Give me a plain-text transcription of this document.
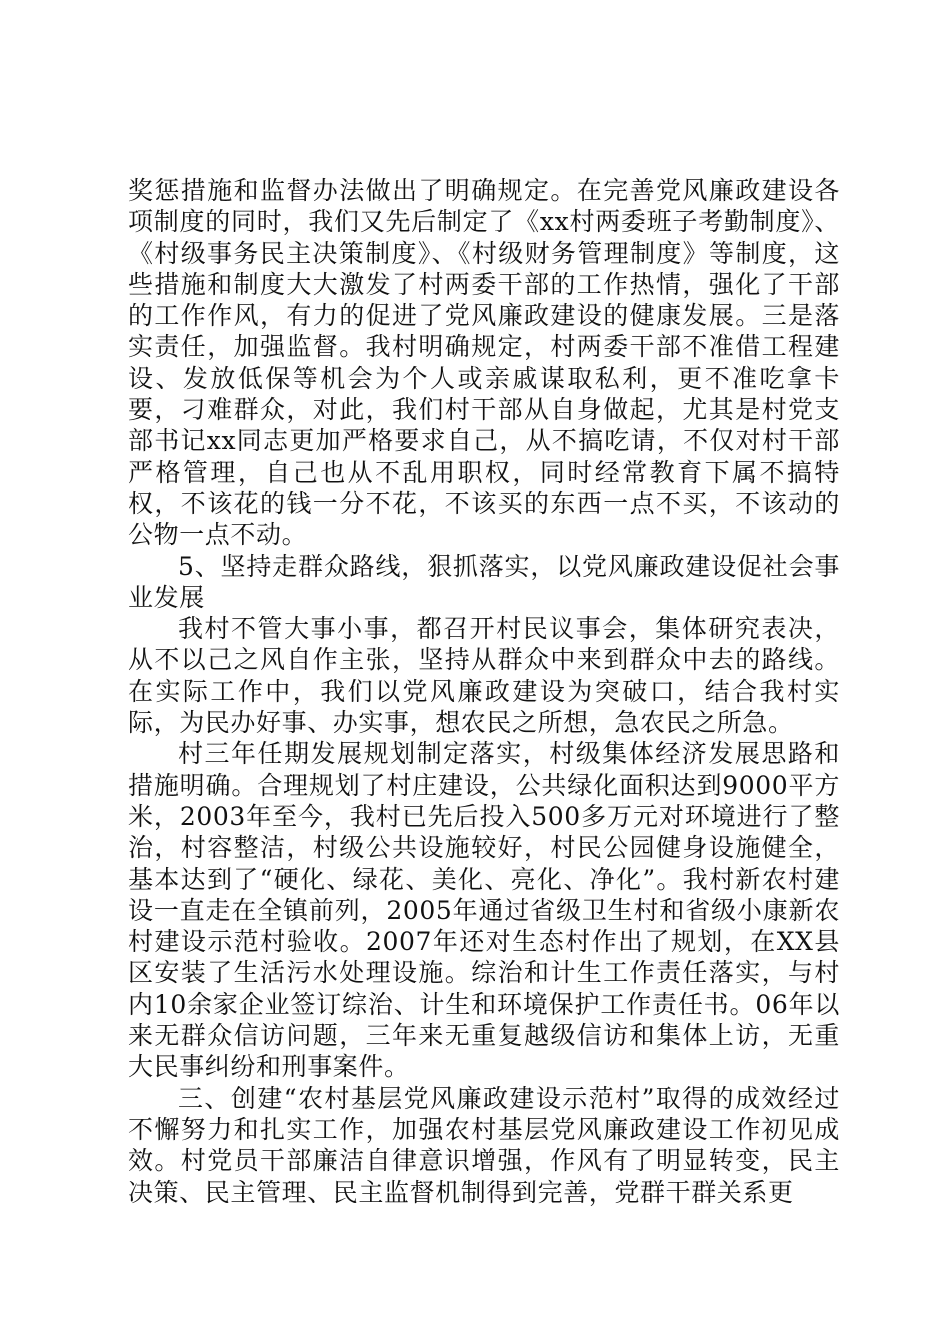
奖惩措施和监督办法做出了明确规定。在完善党风廉政建设各项制度的同时，我们又先后制定了《xx村两委班子考勤制度》、《村级事务民主决策制度》、《村级财务管理制度》等制度，这些措施和制度大大激发了村两委干部的工作热情，强化了干部的工作作风，有力的促进了党风廉政建设的健康发展。三是落实责任，加强监督。我村明确规定，村两委干部不准借工程建设、发放低保等机会为个人或亲戚谋取私利，更不准吃拿卡要，刁难群众，对此，我们村干部从自身做起，尤其是村党支部书记xx同志更加严格要求自己，从不搞吃请，不仅对村干部严格管理，自己也从不乱用职权，同时经常教育下属不搞特权，不该花的钱一分不花，不该买的东西一点不买，不该动的公物一点不动。

5、坚持走群众路线，狠抓落实，以党风廉政建设促社会事业发展

我村不管大事小事，都召开村民议事会，集体研究表决，从不以己之风自作主张，坚持从群众中来到群众中去的路线。在实际工作中，我们以党风廉政建设为突破口，结合我村实际，为民办好事、办实事，想农民之所想，急农民之所急。

村三年任期发展规划制定落实，村级集体经济发展思路和措施明确。合理规划了村庄建设，公共绿化面积达到9000平方米，2003年至今，我村已先后投入500多万元对环境进行了整治，村容整洁，村级公共设施较好，村民公园健身设施健全，基本达到了“硬化、绿花、美化、亮化、净化”。我村新农村建设一直走在全镇前列，2005年通过省级卫生村和省级小康新农村建设示范村验收。2007年还对生态村作出了规划，在XX县区安装了生活污水处理设施。综治和计生工作责任落实，与村内10余家企业签订综治、计生和环境保护工作责任书。06年以来无群众信访问题，三年来无重复越级信访和集体上访，无重大民事纠纷和刑事案件。

三、创建“农村基层党风廉政建设示范村”取得的成效经过不懈努力和扎实工作，加强农村基层党风廉政建设工作初见成效。村党员干部廉洁自律意识增强，作风有了明显转变，民主决策、民主管理、民主监督机制得到完善，党群干群关系更
